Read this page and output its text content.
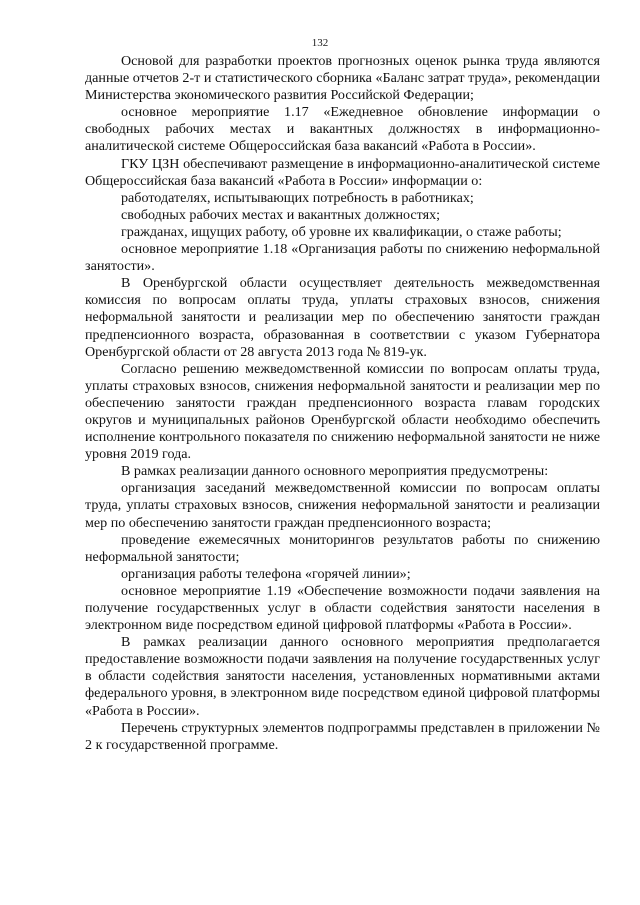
132

Основой для разработки проектов прогнозных оценок рынка труда являются данные отчетов 2-т и статистического сборника «Баланс затрат труда», рекомендации Министерства экономического развития Российской Федерации;

основное мероприятие 1.17 «Ежедневное обновление информации о свободных рабочих местах и вакантных должностях в информационно-аналитической системе Общероссийская база вакансий «Работа в России».

ГКУ ЦЗН обеспечивают размещение в информационно-аналитической системе Общероссийская база вакансий «Работа в России» информации о:

работодателях, испытывающих потребность в работниках;

свободных рабочих местах и вакантных должностях;

гражданах, ищущих работу, об уровне их квалификации, о стаже работы;

основное мероприятие 1.18 «Организация работы по снижению неформальной занятости».

В Оренбургской области осуществляет деятельность межведомственная комиссия по вопросам оплаты труда, уплаты страховых взносов, снижения неформальной занятости и реализации мер по обеспечению занятости граждан предпенсионного возраста, образованная в соответствии с указом Губернатора Оренбургской области от 28 августа 2013 года № 819-ук.

Согласно решению межведомственной комиссии по вопросам оплаты труда, уплаты страховых взносов, снижения неформальной занятости и реализации мер по обеспечению занятости граждан предпенсионного возраста главам городских округов и муниципальных районов Оренбургской области необходимо обеспечить исполнение контрольного показателя по снижению неформальной занятости не ниже уровня 2019 года.

В рамках реализации данного основного мероприятия предусмотрены:

организация заседаний межведомственной комиссии по вопросам оплаты труда, уплаты страховых взносов, снижения неформальной занятости и реализации мер по обеспечению занятости граждан предпенсионного возраста;

проведение ежемесячных мониторингов результатов работы по снижению неформальной занятости;

организация работы телефона «горячей линии»;

основное мероприятие 1.19 «Обеспечение возможности подачи заявления на получение государственных услуг в области содействия занятости населения в электронном виде посредством единой цифровой платформы «Работа в России».

В рамках реализации данного основного мероприятия предполагается предоставление возможности подачи заявления на получение государственных услуг в области содействия занятости населения, установленных нормативными актами федерального уровня, в электронном виде посредством единой цифровой платформы «Работа в России».

Перечень структурных элементов подпрограммы представлен в приложении № 2 к государственной программе.
